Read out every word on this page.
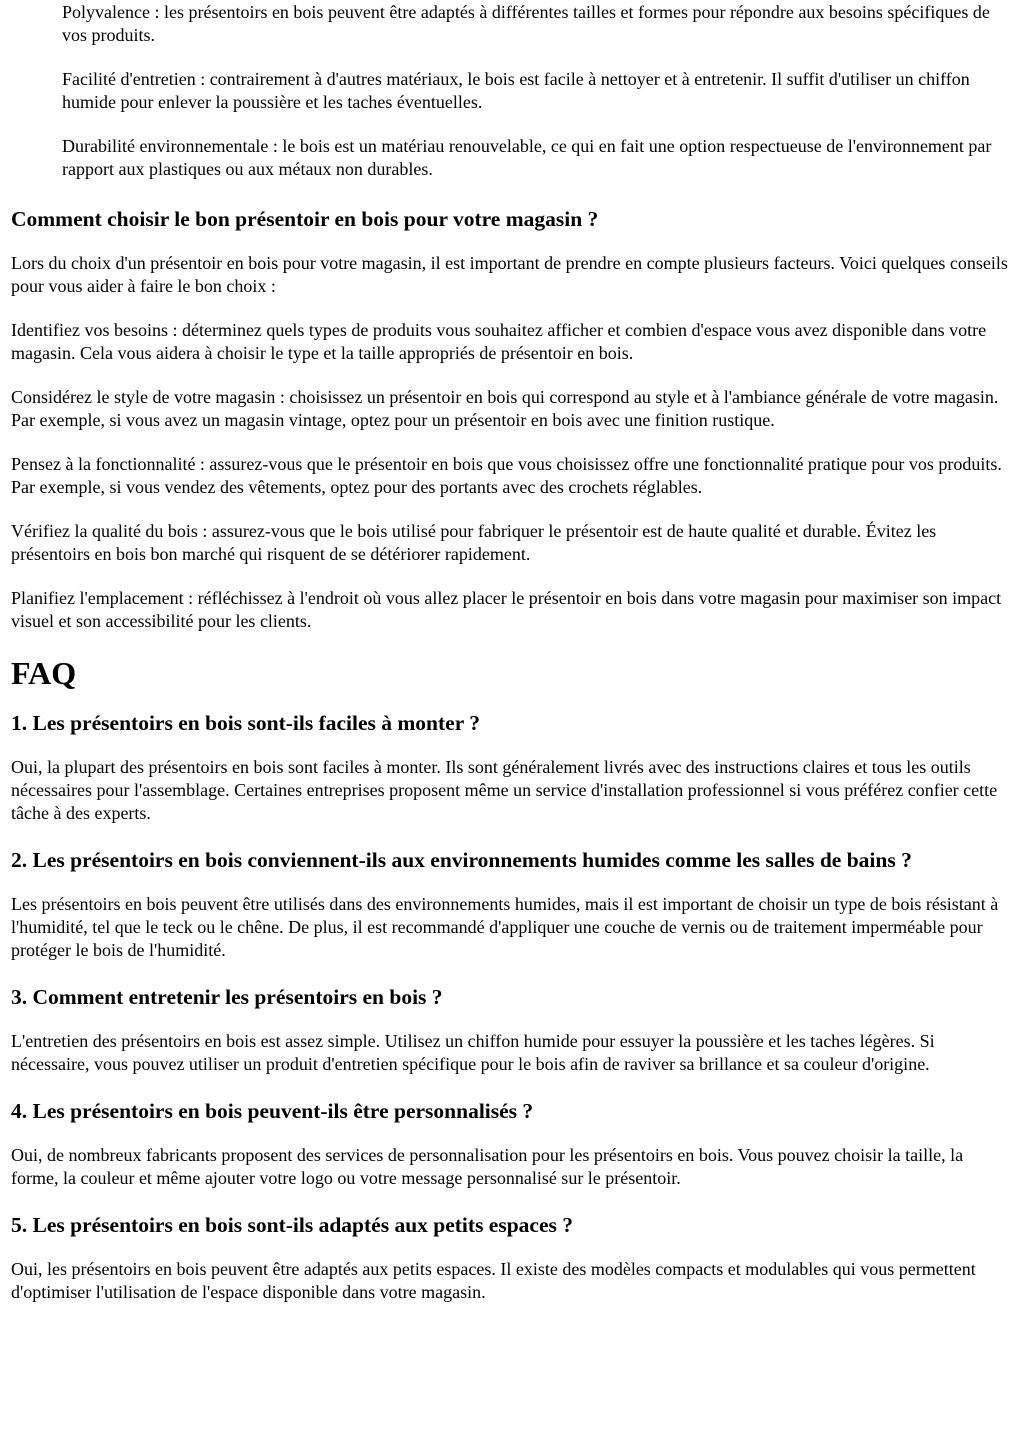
Polyvalence : les présentoirs en bois peuvent être adaptés à différentes tailles et formes pour répondre aux besoins spécifiques de vos produits.

Facilité d'entretien : contrairement à d'autres matériaux, le bois est facile à nettoyer et à entretenir. Il suffit d'utiliser un chiffon humide pour enlever la poussière et les taches éventuelles.

Durabilité environnementale : le bois est un matériau renouvelable, ce qui en fait une option respectueuse de l'environnement par rapport aux plastiques ou aux métaux non durables.

Comment choisir le bon présentoir en bois pour votre magasin ?

Lors du choix d'un présentoir en bois pour votre magasin, il est important de prendre en compte plusieurs facteurs. Voici quelques conseils pour vous aider à faire le bon choix :

Identifiez vos besoins : déterminez quels types de produits vous souhaitez afficher et combien d'espace vous avez disponible dans votre magasin. Cela vous aidera à choisir le type et la taille appropriés de présentoir en bois.

Considérez le style de votre magasin : choisissez un présentoir en bois qui correspond au style et à l'ambiance générale de votre magasin. Par exemple, si vous avez un magasin vintage, optez pour un présentoir en bois avec une finition rustique.

Pensez à la fonctionnalité : assurez-vous que le présentoir en bois que vous choisissez offre une fonctionnalité pratique pour vos produits. Par exemple, si vous vendez des vêtements, optez pour des portants avec des crochets réglables.

Vérifiez la qualité du bois : assurez-vous que le bois utilisé pour fabriquer le présentoir est de haute qualité et durable. Évitez les présentoirs en bois bon marché qui risquent de se détériorer rapidement.

Planifiez l'emplacement : réfléchissez à l'endroit où vous allez placer le présentoir en bois dans votre magasin pour maximiser son impact visuel et son accessibilité pour les clients.

FAQ
1. Les présentoirs en bois sont-ils faciles à monter ?

Oui, la plupart des présentoirs en bois sont faciles à monter. Ils sont généralement livrés avec des instructions claires et tous les outils nécessaires pour l'assemblage. Certaines entreprises proposent même un service d'installation professionnel si vous préférez confier cette tâche à des experts.

2. Les présentoirs en bois conviennent-ils aux environnements humides comme les salles de bains ?

Les présentoirs en bois peuvent être utilisés dans des environnements humides, mais il est important de choisir un type de bois résistant à l'humidité, tel que le teck ou le chêne. De plus, il est recommandé d'appliquer une couche de vernis ou de traitement imperméable pour protéger le bois de l'humidité.

3. Comment entretenir les présentoirs en bois ?

L'entretien des présentoirs en bois est assez simple. Utilisez un chiffon humide pour essuyer la poussière et les taches légères. Si nécessaire, vous pouvez utiliser un produit d'entretien spécifique pour le bois afin de raviver sa brillance et sa couleur d'origine.

4. Les présentoirs en bois peuvent-ils être personnalisés ?

Oui, de nombreux fabricants proposent des services de personnalisation pour les présentoirs en bois. Vous pouvez choisir la taille, la forme, la couleur et même ajouter votre logo ou votre message personnalisé sur le présentoir.

5. Les présentoirs en bois sont-ils adaptés aux petits espaces ?

Oui, les présentoirs en bois peuvent être adaptés aux petits espaces. Il existe des modèles compacts et modulables qui vous permettent d'optimiser l'utilisation de l'espace disponible dans votre magasin.
